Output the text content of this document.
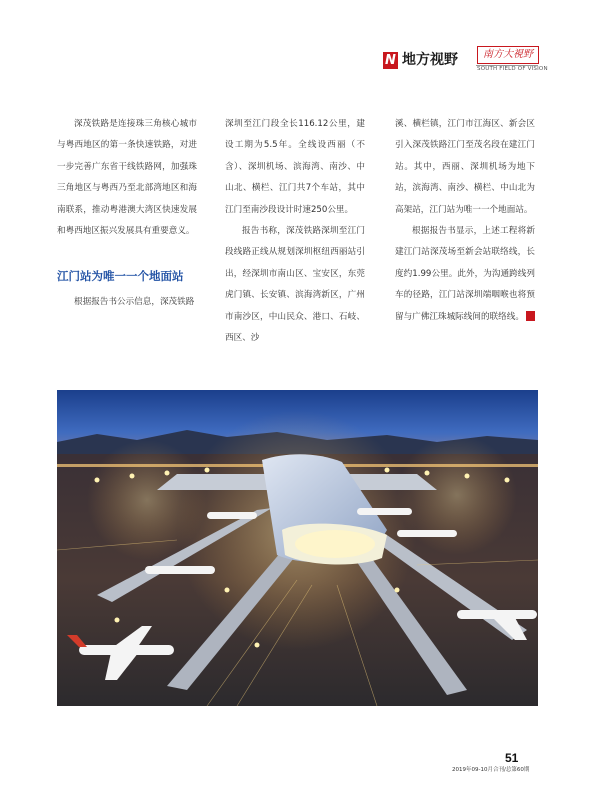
N 地方视野	南方大視野
SOUTH FIELD OF VISION

深茂铁路是连接珠三角核心城市与粤西地区的第一条快速铁路，对进一步完善广东省干线铁路网，加强珠三角地区与粤西乃至北部湾地区和海南联系，推动粤港澳大湾区快速发展和粤西地区振兴发展具有重要意义。

江门站为唯一一个地面站

根据报告书公示信息，深茂铁路

深圳至江门段全长116.12公里，建设工期为5.5年。全线设西丽（不含）、深圳机场、滨海湾、南沙、中山北、横栏、江门共7个车站，其中江门至南沙段设计时速250公里。

报告书称，深茂铁路深圳至江门段线路正线从规划深圳枢纽西丽站引出，经深圳市南山区、宝安区，东莞虎门镇、长安镇、滨海湾新区，广州市南沙区，中山民众、港口、石岐、西区、沙

溪、横栏镇，江门市江海区、新会区引入深茂铁路江门至茂名段在建江门站。其中，西丽、深圳机场为地下站，滨海湾、南沙、横栏、中山北为高架站，江门站为唯一一个地面站。

根据报告书显示，上述工程将新建江门站深茂场至新会站联络线，长度约1.99公里。此外，为沟通跨线列车的径路，江门站深圳端咽喉也将预留与广佛江珠城际线间的联络线。 N

51
2019年09-10月合刊/总第60期
